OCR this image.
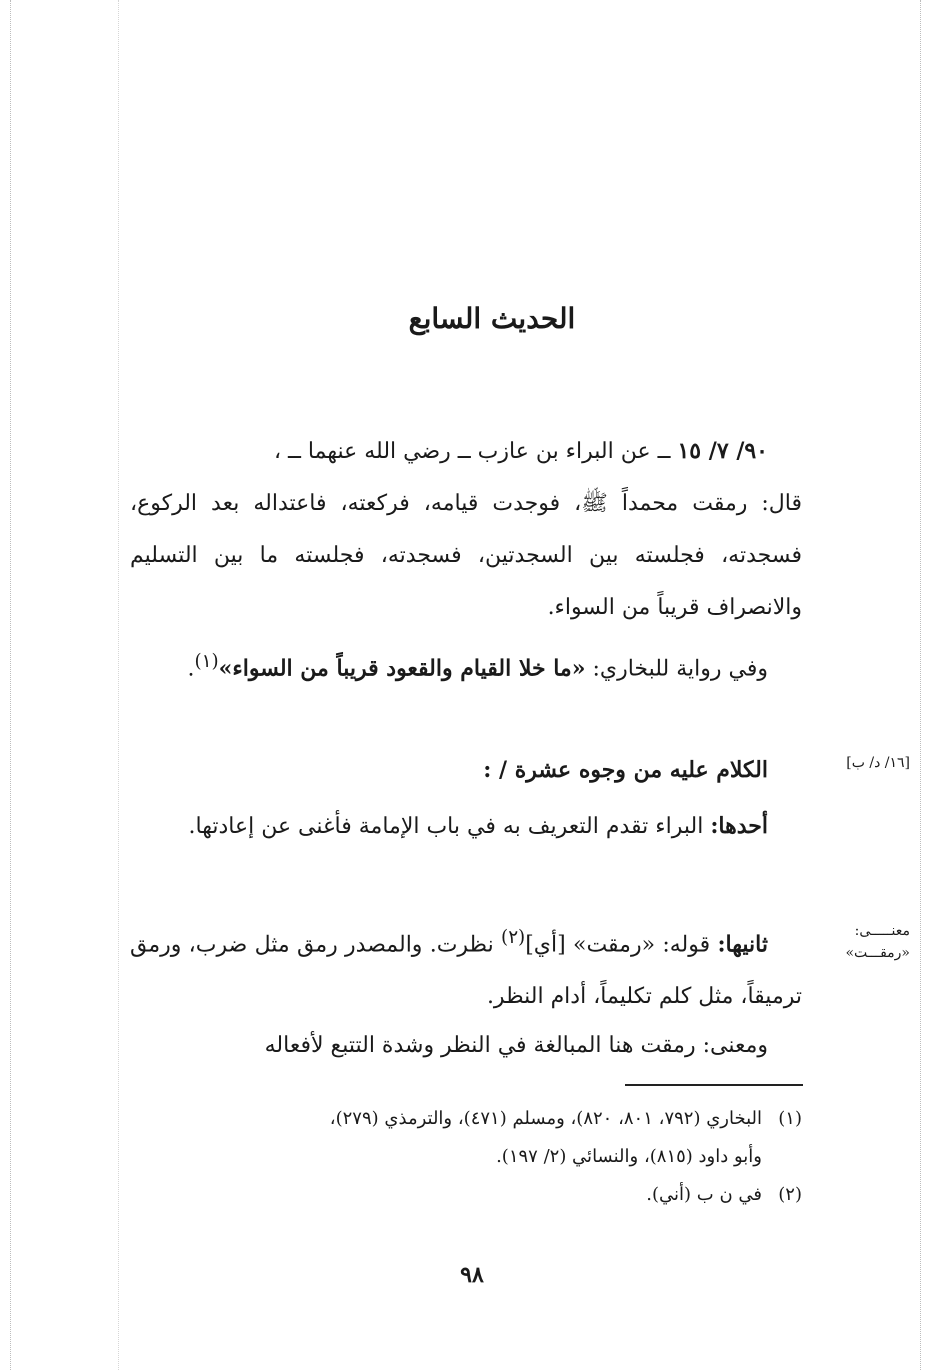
الحديث السابع

٩٠/ ٧/ ١٥ ــ عن البراء بن عازب ــ رضي الله عنهما ــ ،

قال: رمقت محمداً ﷺ، فوجدت قيامه، فركعته، فاعتداله بعد الركوع، فسجدته، فجلسته بين السجدتين، فسجدته، فجلسته ما بين التسليم والانصراف قريباً من السواء.

وفي رواية للبخاري: «ما خلا القيام والقعود قريباً من السواء»$^{(١)}$.

الكلام عليه من وجوه عشرة / :

أحدها: البراء تقدم التعريف به في باب الإمامة فأغنى عن إعادتها.

ثانيها: قوله: «رمقت» [أي]$^{(٢)}$ نظرت. والمصدر رمق مثل ضرب، ورمق ترميقاً، مثل كلم تكليماً، أدام النظر.

ومعنى: رمقت هنا المبالغة في النظر وشدة التتبع لأفعاله

[١٦/ د/ ب]
معنـــــى:
«رمقـــت»

(١)البخاري (٧٩٢، ٨٠١، ٨٢٠)، ومسلم (٤٧١)، والترمذي (٢٧٩)،

وأبو داود (٨١٥)، والنسائي (٢/ ١٩٧).

(٢)في ن ب (أني).

٩٨
